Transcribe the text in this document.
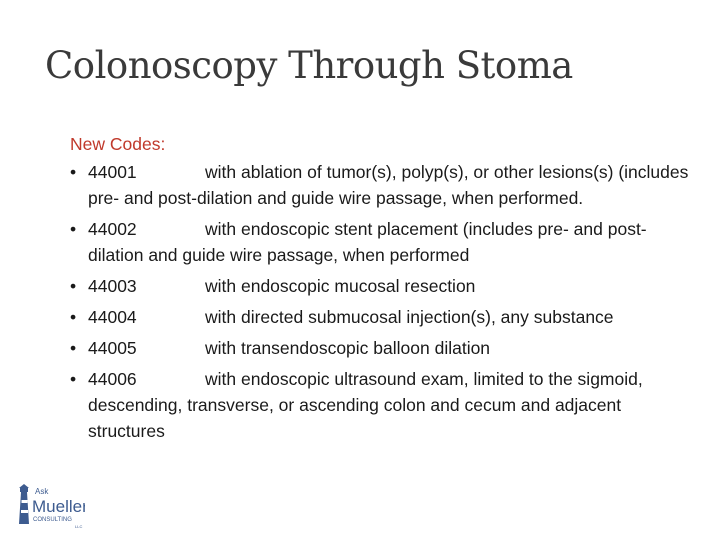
Colonoscopy Through Stoma
New Codes:
• 44001	with ablation of tumor(s), polyp(s), or other lesions(s) (includes pre- and post-dilation and guide wire passage, when performed.
• 44002	with endoscopic stent placement (includes pre- and post-dilation and guide wire passage, when performed
• 44003	with endoscopic mucosal resection
• 44004	with directed submucosal injection(s), any substance
• 44005	with transendoscopic balloon dilation
• 44006	with endoscopic ultrasound exam, limited to the sigmoid, descending, transverse, or ascending colon and cecum and adjacent structures
Ask
Mueller
CONSULTING
LLC
